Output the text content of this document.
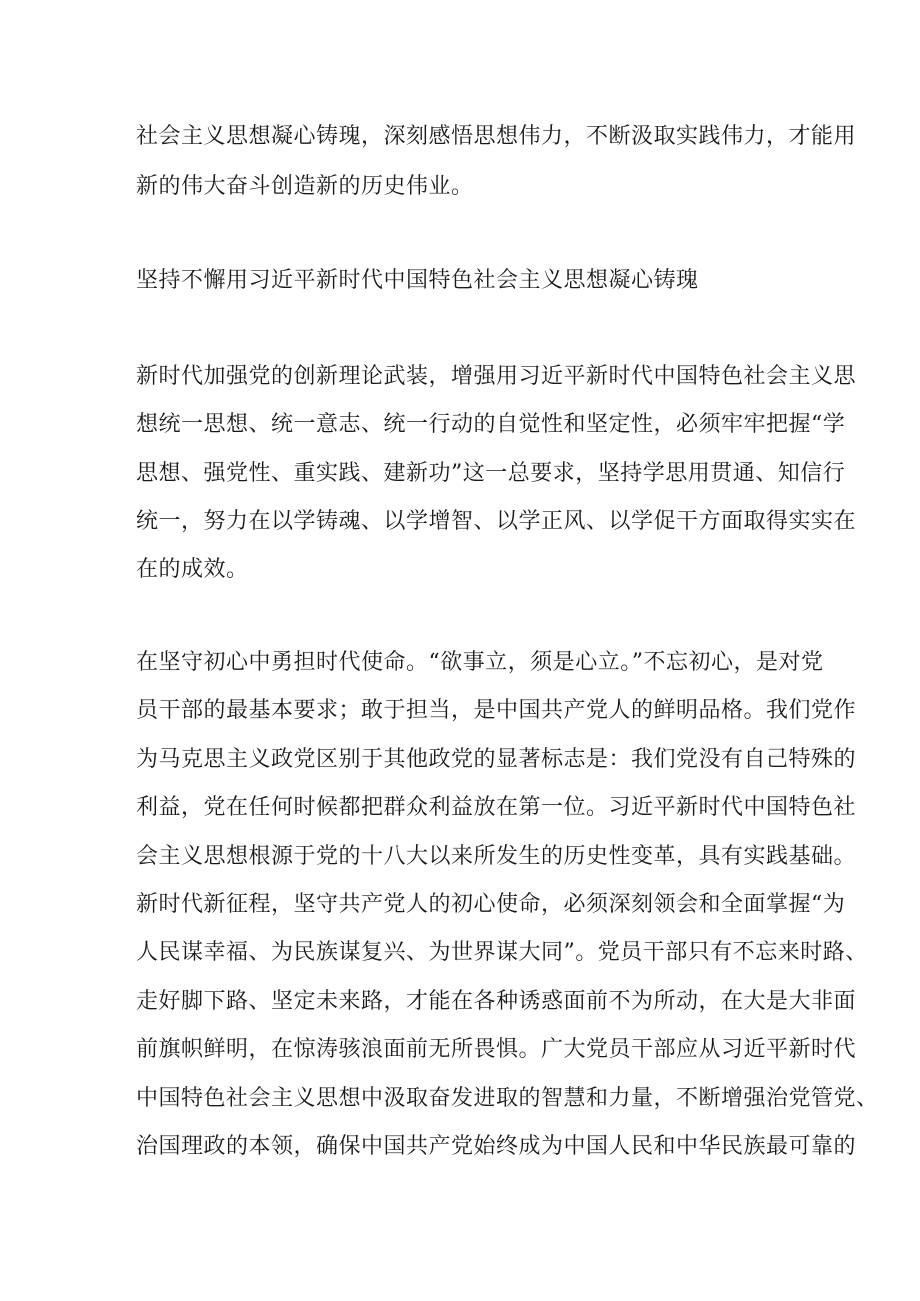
社会主义思想凝心铸瑰，深刻感悟思想伟力，不断汲取实践伟力，才能用
新的伟大奋斗创造新的历史伟业。
坚持不懈用习近平新时代中国特色社会主义思想凝心铸瑰
新时代加强党的创新理论武装，增强用习近平新时代中国特色社会主义思
想统一思想、统一意志、统一行动的自觉性和坚定性，必须牢牢把握“学
思想、强党性、重实践、建新功”这一总要求，坚持学思用贯通、知信行
统一，努力在以学铸魂、以学增智、以学正风、以学促干方面取得实实在
在的成效。
在坚守初心中勇担时代使命。“欲事立，须是心立。”不忘初心，是对党
员干部的最基本要求；敢于担当，是中国共产党人的鲜明品格。我们党作
为马克思主义政党区别于其他政党的显著标志是：我们党没有自己特殊的
利益，党在任何时候都把群众利益放在第一位。习近平新时代中国特色社
会主义思想根源于党的十八大以来所发生的历史性变革，具有实践基础。
新时代新征程，坚守共产党人的初心使命，必须深刻领会和全面掌握“为
人民谋幸福、为民族谋复兴、为世界谋大同”。党员干部只有不忘来时路、
走好脚下路、坚定未来路，才能在各种诱惑面前不为所动，在大是大非面
前旗帜鲜明，在惊涛骇浪面前无所畏惧。广大党员干部应从习近平新时代
中国特色社会主义思想中汲取奋发进取的智慧和力量，不断增强治党管党、
治国理政的本领，确保中国共产党始终成为中国人民和中华民族最可靠的
